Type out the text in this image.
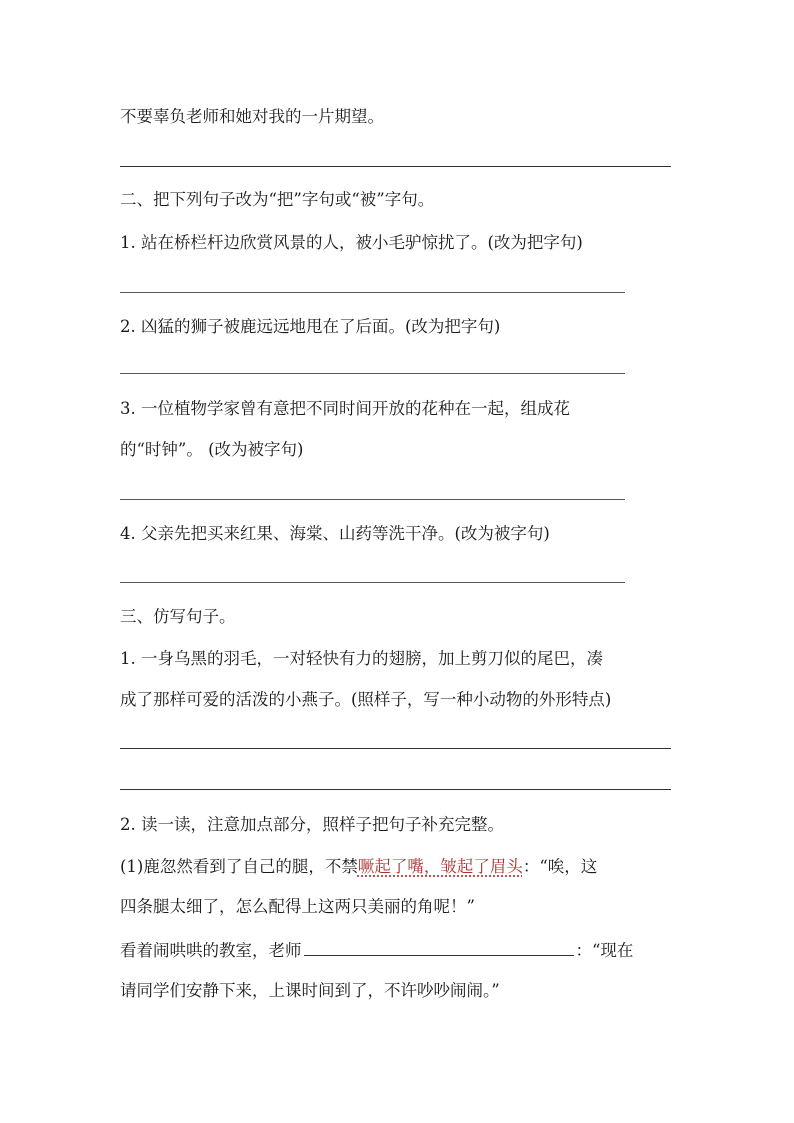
不要辜负老师和她对我的一片期望。
二、把下列句子改为“把”字句或“被”字句。
1. 站在桥栏杆边欣赏风景的人，被小毛驴惊扰了。(改为把字句)
2. 凶猛的狮子被鹿远远地甩在了后面。(改为把字句)
3. 一位植物学家曾有意把不同时间开放的花种在一起，组成花
的“时钟”。 (改为被字句)
4. 父亲先把买来红果、海棠、山药等洗干净。(改为被字句)
三、仿写句子。
1. 一身乌黑的羽毛，一对轻快有力的翅膀，加上剪刀似的尾巴，凑
成了那样可爱的活泼的小燕子。(照样子，写一种小动物的外形特点)
2. 读一读，注意加点部分，照样子把句子补充完整。
(1)鹿忽然看到了自己的腿，不禁噘起了嘴，皱起了眉头：“唉，这
四条腿太细了，怎么配得上这两只美丽的角呢！”
看着闹哄哄的教室，老师	：“现在
请同学们安静下来，上课时间到了，不许吵吵闹闹。”
